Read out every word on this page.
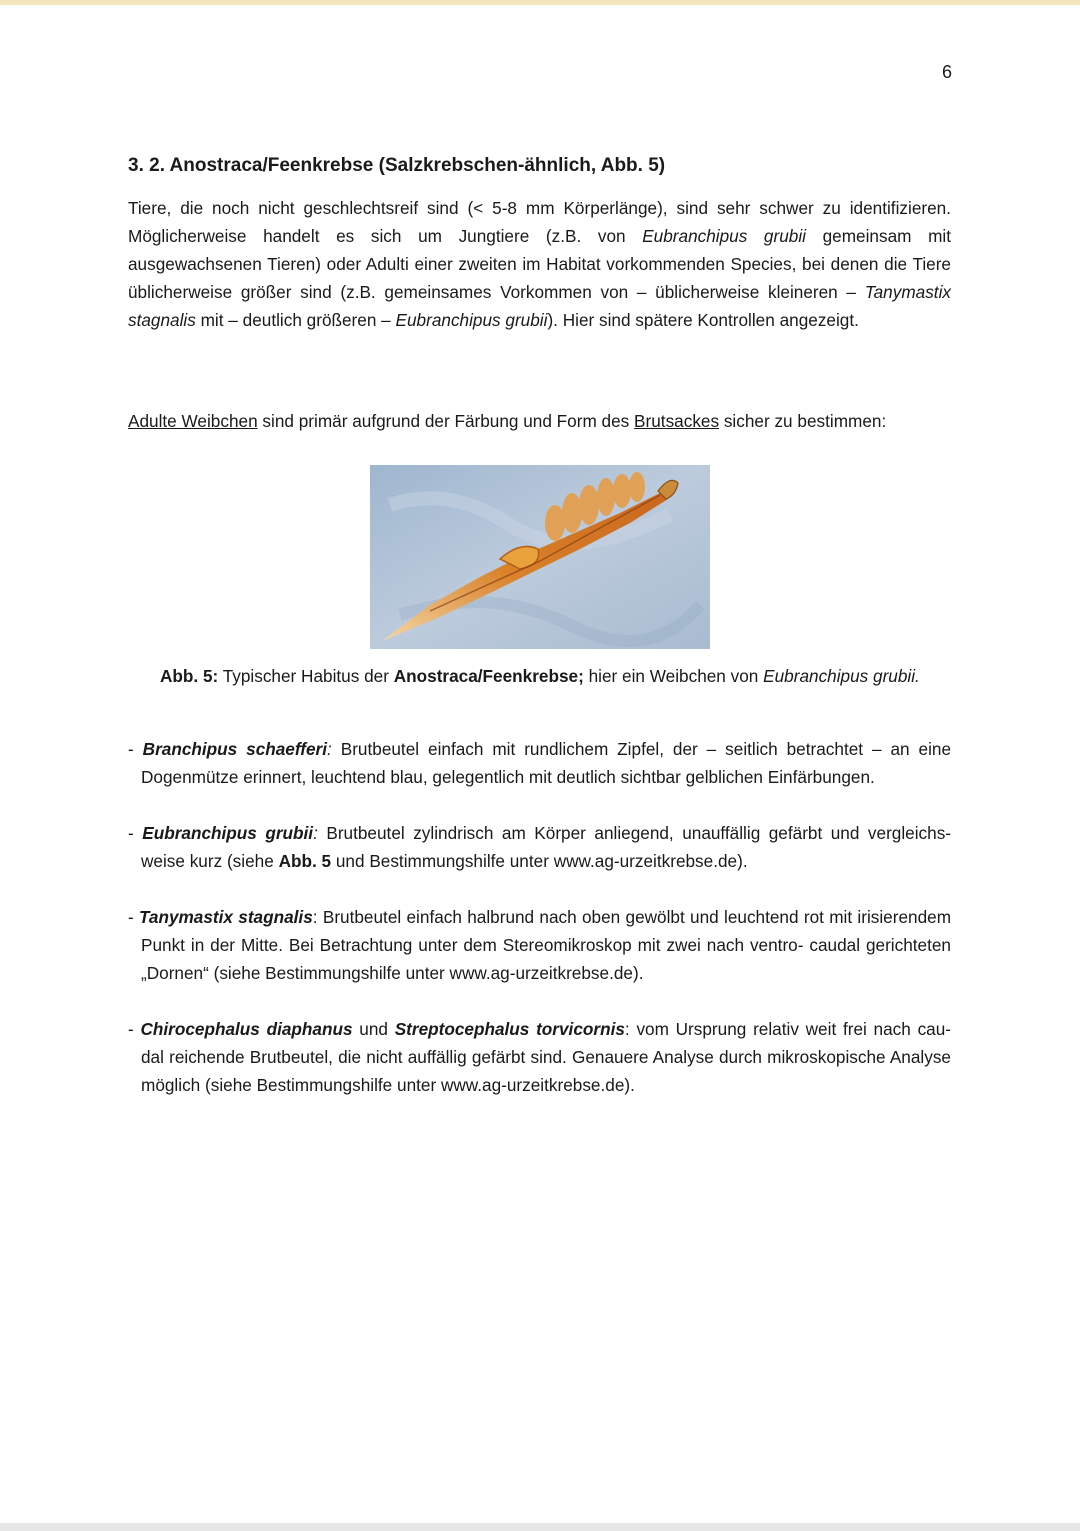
6
3. 2. Anostraca/Feenkrebse (Salzkrebschen-ähnlich, Abb. 5)

Tiere, die noch nicht geschlechtsreif sind (< 5-8 mm Körperlänge), sind sehr schwer zu identifizieren. Möglicherweise handelt es sich um Jungtiere (z.B. von Eubranchipus grubii gemeinsam mit ausgewachsenen Tieren) oder Adulti einer zweiten im Habitat vorkommenden Species, bei denen die Tiere üblicherweise größer sind (z.B. gemeinsames Vorkommen von – üblicherweise kleineren – Tanymastix stagnalis mit – deutlich größeren – Eubranchipus grubii). Hier sind spätere Kontrollen angezeigt.

Adulte Weibchen sind primär aufgrund der Färbung und Form des Brutsackes sicher zu bestimmen:

Abb. 5: Typischer Habitus der Anostraca/Feenkrebse; hier ein Weibchen von Eubranchipus grubii.

- Branchipus schaefferi: Brutbeutel einfach mit rundlichem Zipfel, der – seitlich betrachtet – an eine Dogenmütze erinnert, leuchtend blau, gelegentlich mit deutlich sichtbar gelblichen Einfärbungen.

- Eubranchipus grubii: Brutbeutel zylindrisch am Körper anliegend, unauffällig gefärbt und vergleichs- weise kurz (siehe Abb. 5 und Bestimmungshilfe unter www.ag-urzeitkrebse.de).

- Tanymastix stagnalis: Brutbeutel einfach halbrund nach oben gewölbt und leuchtend rot mit irisierendem Punkt in der Mitte. Bei Betrachtung unter dem Stereomikroskop mit zwei nach ventro- caudal gerichteten „Dornen“ (siehe Bestimmungshilfe unter www.ag-urzeitkrebse.de).

- Chirocephalus diaphanus und Streptocephalus torvicornis: vom Ursprung relativ weit frei nach cau- dal reichende Brutbeutel, die nicht auffällig gefärbt sind. Genauere Analyse durch mikroskopische Analyse möglich (siehe Bestimmungshilfe unter www.ag-urzeitkrebse.de).
